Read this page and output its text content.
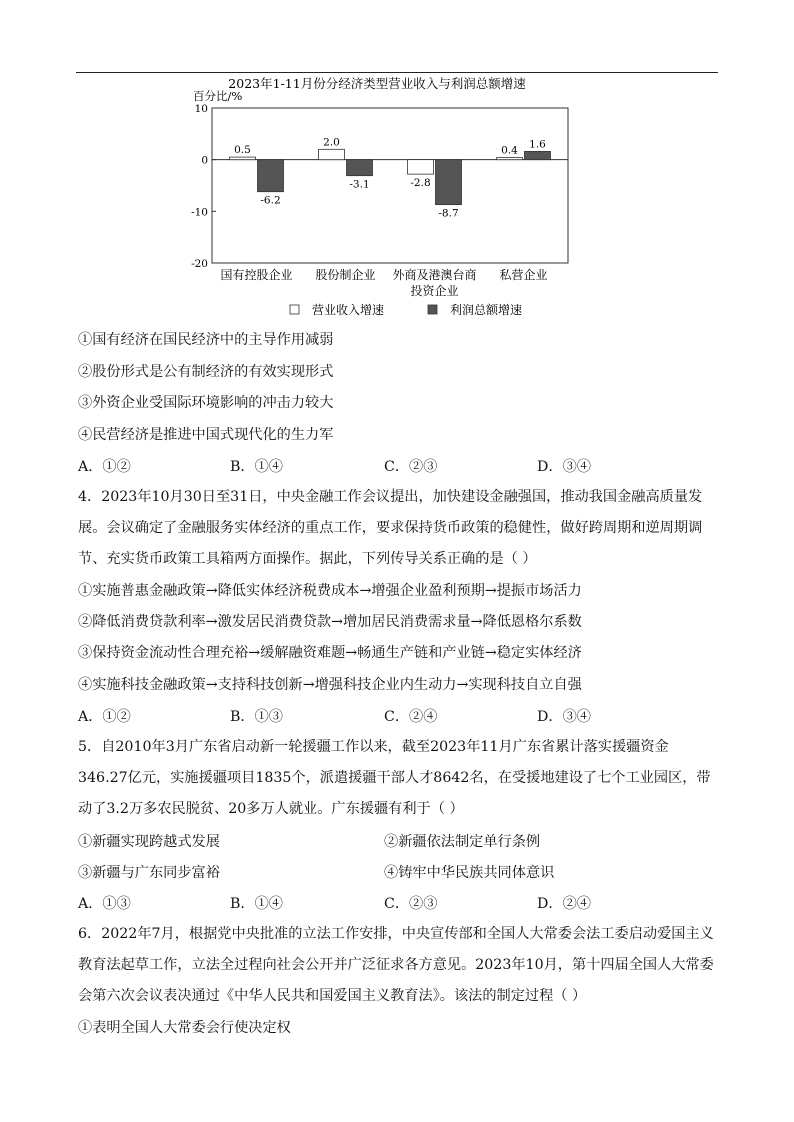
2023年1-11月份分经济类型营业收入与利润总额增速
百分比/%
10
0
-10
-20
0.5
-6.2
2.0
-3.1	-2.8
-8.7
0.4
1.6
国有控股企业 股份制企业 外商及港澳台商
投资企业
私营企业
营业收入增速	利润总额增速
①国有经济在国民经济中的主导作用减弱
②股份形式是公有制经济的有效实现形式
③外资企业受国际环境影响的冲击力较大
④民营经济是推进中国式现代化的生力军
A．①②	B．①④	C．②③	D．③④
4．2023年10月30日至31日，中央金融工作会议提出，加快建设金融强国，推动我国金融高质量发展。会议确定了金融服务实体经济的重点工作，要求保持货币政策的稳健性，做好跨周期和逆周期调节、充实货币政策工具箱两方面操作。据此，下列传导关系正确的是（ ）
①实施普惠金融政策→降低实体经济税费成本→增强企业盈利预期→提振市场活力
②降低消费贷款利率→激发居民消费贷款→增加居民消费需求量→降低恩格尔系数
③保持资金流动性合理充裕→缓解融资难题→畅通生产链和产业链→稳定实体经济
④实施科技金融政策→支持科技创新→增强科技企业内生动力→实现科技自立自强
A．①②	B．①③	C．②④	D．③④
5．自2010年3月广东省启动新一轮援疆工作以来，截至2023年11月广东省累计落实援疆资金346.27亿元，实施援疆项目1835个，派遣援疆干部人才8642名，在受援地建设了七个工业园区，带动了3.2万多农民脱贫、20多万人就业。广东援疆有利于（ ）
①新疆实现跨越式发展	②新疆依法制定单行条例
③新疆与广东同步富裕	④铸牢中华民族共同体意识
A．①③	B．①④	C．②③	D．②④
6．2022年7月，根据党中央批准的立法工作安排，中央宣传部和全国人大常委会法工委启动爱国主义教育法起草工作，立法全过程向社会公开并广泛征求各方意见。2023年10月，第十四届全国人大常委会第六次会议表决通过《中华人民共和国爱国主义教育法》。该法的制定过程（ ）
①表明全国人大常委会行使决定权
